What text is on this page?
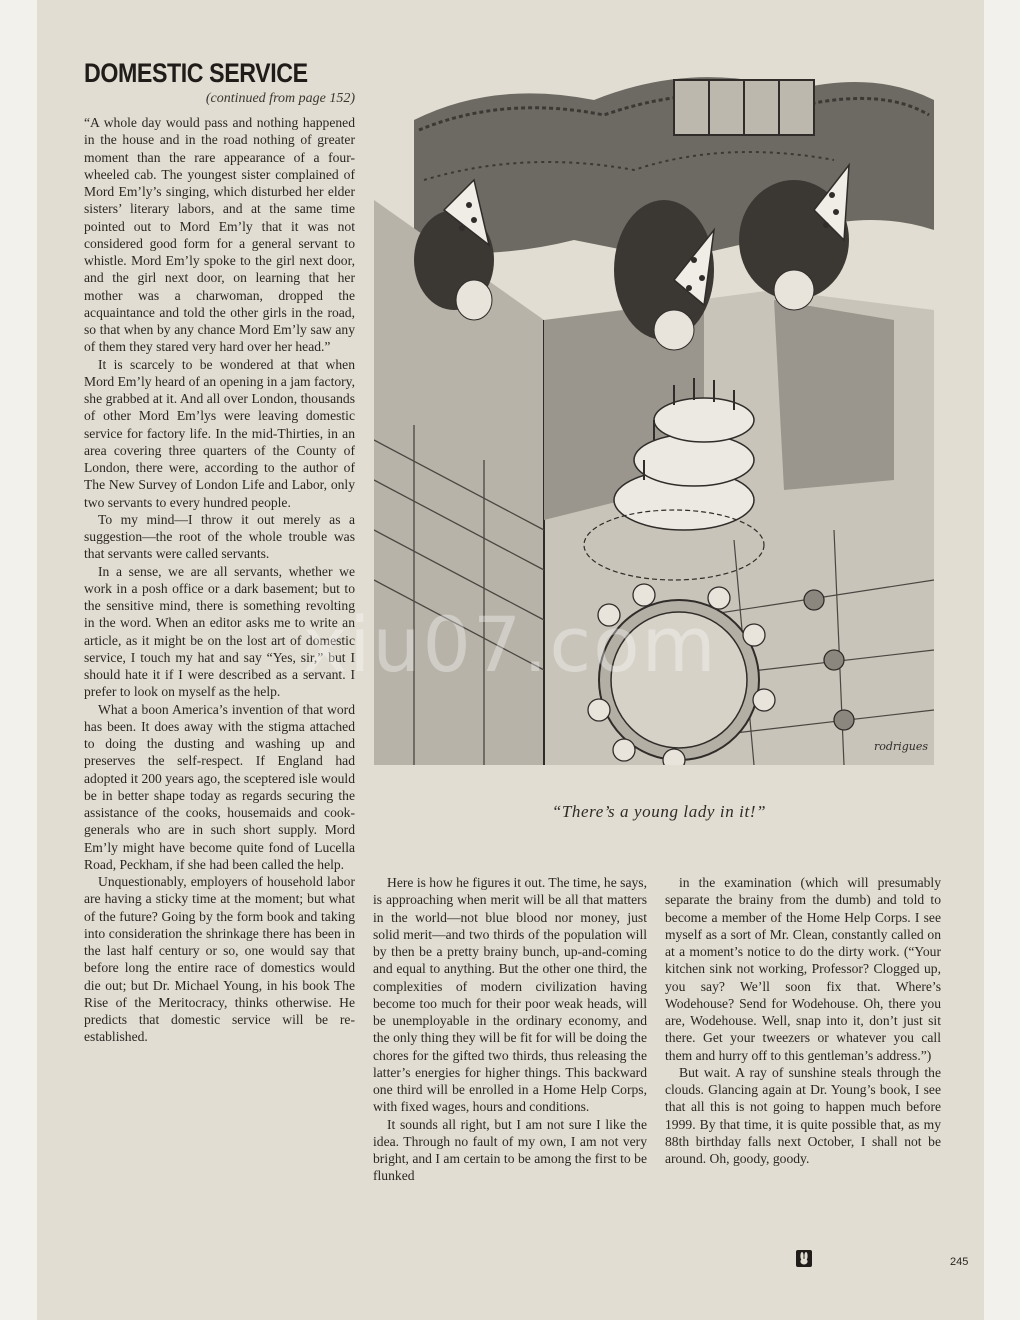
DOMESTIC SERVICE
(continued from page 152)

“A whole day would pass and nothing happened in the house and in the road nothing of greater moment than the rare appearance of a four-wheeled cab. The youngest sister complained of Mord Em’ly’s singing, which disturbed her elder sisters’ literary labors, and at the same time pointed out to Mord Em’ly that it was not considered good form for a general servant to whistle. Mord Em’ly spoke to the girl next door, and the girl next door, on learning that her mother was a charwoman, dropped the acquaintance and told the other girls in the road, so that when by any chance Mord Em’ly saw any of them they stared very hard over her head.”

It is scarcely to be wondered at that when Mord Em’ly heard of an opening in a jam factory, she grabbed at it. And all over London, thousands of other Mord Em’lys were leaving domestic service for factory life. In the mid-Thirties, in an area covering three quarters of the County of London, there were, according to the author of The New Survey of London Life and Labor, only two servants to every hundred people.

To my mind—I throw it out merely as a suggestion—the root of the whole trouble was that servants were called servants.

In a sense, we are all servants, whether we work in a posh office or a dark basement; but to the sensitive mind, there is something revolting in the word. When an editor asks me to write an article, as it might be on the lost art of domestic service, I touch my hat and say “Yes, sir,” but I should hate it if I were described as a servant. I prefer to look on myself as the help.

What a boon America’s invention of that word has been. It does away with the stigma attached to doing the dusting and washing up and preserves the self-respect. If England had adopted it 200 years ago, the sceptered isle would be in better shape today as regards securing the assistance of the cooks, housemaids and cook-generals who are in such short supply. Mord Em’ly might have become quite fond of Lucella Road, Peckham, if she had been called the help.

Unquestionably, employers of household labor are having a sticky time at the moment; but what of the future? Going by the form book and taking into consideration the shrinkage there has been in the last half century or so, one would say that before long the entire race of domestics would die out; but Dr. Michael Young, in his book The Rise of the Meritocracy, thinks otherwise. He predicts that domestic service will be re-established.

rodrigues
“There’s a young lady in it!”

Here is how he figures it out. The time, he says, is approaching when merit will be all that matters in the world—not blue blood nor money, just solid merit—and two thirds of the population will by then be a pretty brainy bunch, up-and-coming and equal to anything. But the other one third, the complexities of modern civilization having become too much for their poor weak heads, will be unemployable in the ordinary economy, and the only thing they will be fit for will be doing the chores for the gifted two thirds, thus releasing the latter’s energies for higher things. This backward one third will be enrolled in a Home Help Corps, with fixed wages, hours and conditions.

It sounds all right, but I am not sure I like the idea. Through no fault of my own, I am not very bright, and I am certain to be among the first to be flunked

in the examination (which will presumably separate the brainy from the dumb) and told to become a member of the Home Help Corps. I see myself as a sort of Mr. Clean, constantly called on at a moment’s notice to do the dirty work. (“Your kitchen sink not working, Professor? Clogged up, you say? We’ll soon fix that. Where’s Wodehouse? Send for Wodehouse. Oh, there you are, Wodehouse. Well, snap into it, don’t just sit there. Get your tweezers or whatever you call them and hurry off to this gentleman’s address.”)

But wait. A ray of sunshine steals through the clouds. Glancing again at Dr. Young’s book, I see that all this is not going to happen much before 1999. By that time, it is quite possible that, as my 88th birthday falls next October, I shall not be around. Oh, goody, goody.

xiu07.com
245
